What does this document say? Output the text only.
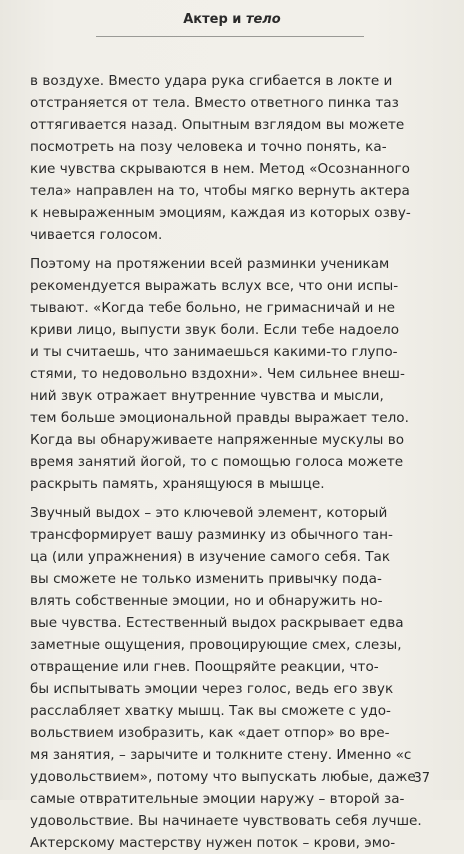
Актер и тело
в воздухе. Вместо удара рука сгибается в локте и
отстраняется от тела. Вместо ответного пинка таз
оттягивается назад. Опытным взглядом вы можете
посмотреть на позу человека и точно понять, ка-
кие чувства скрываются в нем. Метод «Осознанного
тела» направлен на то, чтобы мягко вернуть актера
к невыраженным эмоциям, каждая из которых озву-
чивается голосом.
Поэтому на протяжении всей разминки ученикам
рекомендуется выражать вслух все, что они испы-
тывают. «Когда тебе больно, не гримасничай и не
криви лицо, выпусти звук боли. Если тебе надоело
и ты считаешь, что занимаешься какими-то глупо-
стями, то недовольно вздохни». Чем сильнее внеш-
ний звук отражает внутренние чувства и мысли,
тем больше эмоциональной правды выражает тело.
Когда вы обнаруживаете напряженные мускулы во
время занятий йогой, то с помощью голоса можете
раскрыть память, хранящуюся в мышце.
Звучный выдох – это ключевой элемент, который
трансформирует вашу разминку из обычного тан-
ца (или упражнения) в изучение самого себя. Так
вы сможете не только изменить привычку пода-
влять собственные эмоции, но и обнаружить но-
вые чувства. Естественный выдох раскрывает едва
заметные ощущения, провоцирующие смех, слезы,
отвращение или гнев. Поощряйте реакции, что-
бы испытывать эмоции через голос, ведь его звук
расслабляет хватку мышц. Так вы сможете с удо-
вольствием изобразить, как «дает отпор» во вре-
мя занятия, – зарычите и толкните стену. Именно «с
удовольствием», потому что выпускать любые, даже
самые отвратительные эмоции наружу – второй за-
удовольствие. Вы начинаете чувствовать себя лучше.
Актерскому мастерству нужен поток – крови, эмо-
37
